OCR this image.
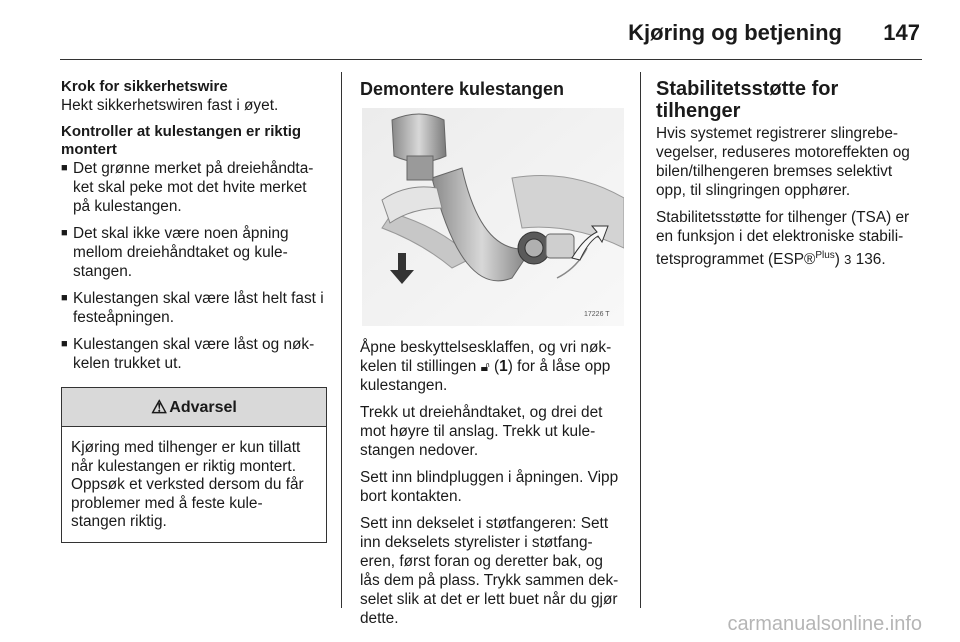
Kjøring og betjening 147
Krok for sikkerhetswire

Hekt sikkerhetswiren fast i øyet.

Kontroller at kulestangen er riktig montert
■ Det grønne merket på dreiehåndta-ket skal peke mot det hvite merket på kulestangen.
■ Det skal ikke være noen åpning mellom dreiehåndtaket og kule-stangen.
■ Kulestangen skal være låst helt fast i festeåpningen.
■ Kulestangen skal være låst og nøk-kelen trukket ut.
⚠ Advarsel
Kjøring med tilhenger er kun tillatt når kulestangen er riktig montert. Oppsøk et verksted dersom du får problemer med å feste kule-stangen riktig.
Demontere kulestangen
17226 T

Åpne beskyttelsesklaffen, og vri nøk-kelen til stillingen 🔓︎ (1) for å låse opp kulestangen.

Trekk ut dreiehåndtaket, og drei det mot høyre til anslag. Trekk ut kule-stangen nedover.

Sett inn blindpluggen i åpningen. Vipp bort kontakten.

Sett inn dekselet i støtfangeren: Sett inn dekselets styrelister i støtfang-eren, først foran og deretter bak, og lås dem på plass. Trykk sammen dek-selet slik at det er lett buet når du gjør dette.

Stabilitetsstøtte for tilhenger

Hvis systemet registrerer slingrebe-vegelser, reduseres motoreffekten og bilen/tilhengeren bremses selektivt opp, til slingringen opphører.

Stabilitetsstøtte for tilhenger (TSA) er en funksjon i det elektroniske stabili-tetsprogrammet (ESP®$^{Plus}$) 3 136.

carmanualsonline.info
